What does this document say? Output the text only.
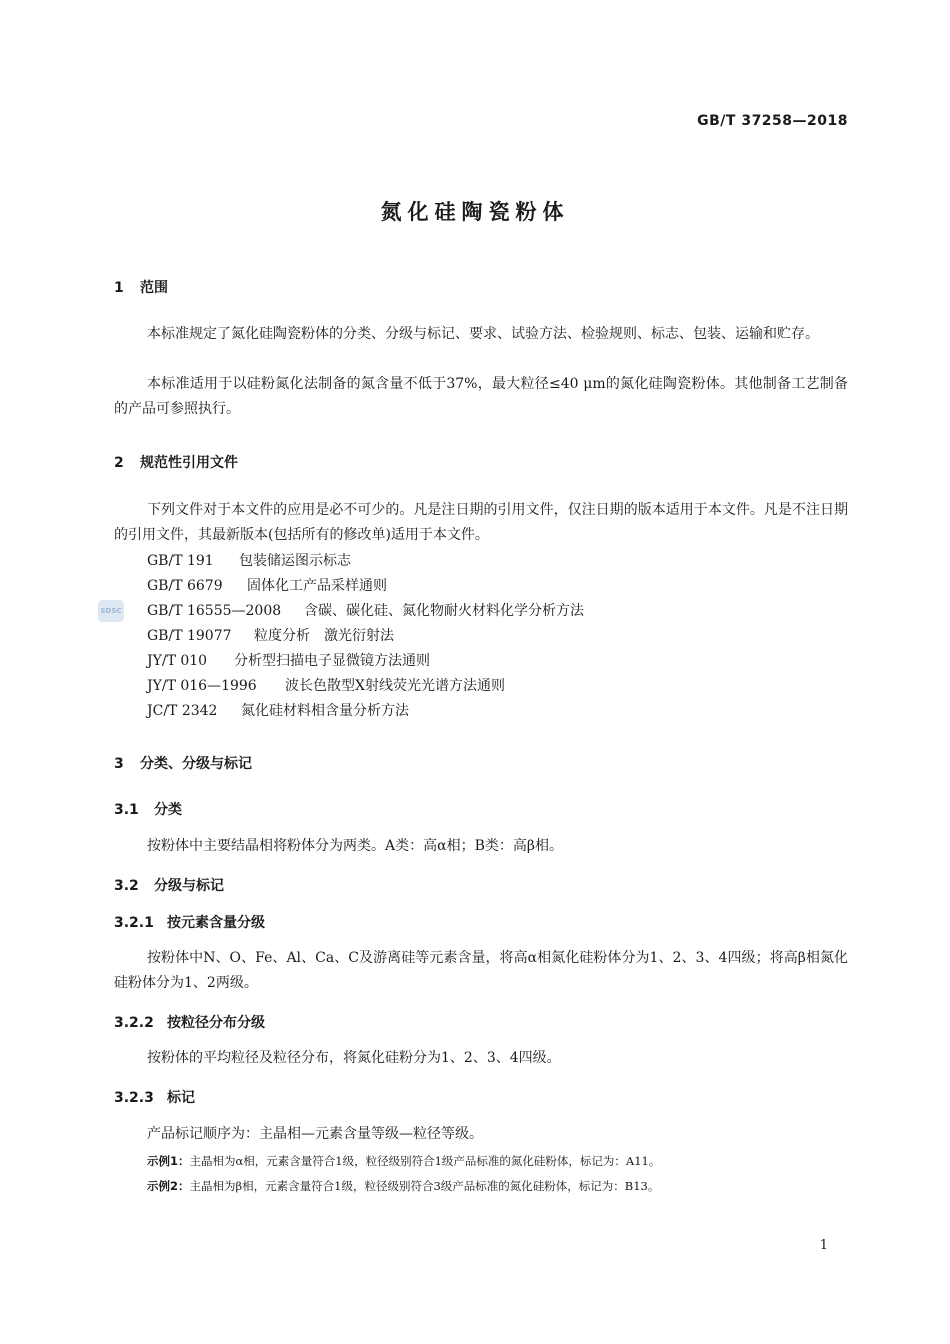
GB/T 37258—2018
氮化硅陶瓷粉体
1 范围

本标准规定了氮化硅陶瓷粉体的分类、分级与标记、要求、试验方法、检验规则、标志、包装、运输和贮存。

本标准适用于以硅粉氮化法制备的氮含量不低于37%，最大粒径≤40 μm的氮化硅陶瓷粉体。其他制备工艺制备的产品可参照执行。

2 规范性引用文件

下列文件对于本文件的应用是必不可少的。凡是注日期的引用文件，仅注日期的版本适用于本文件。凡是不注日期的引用文件，其最新版本(包括所有的修改单)适用于本文件。

GB/T 191 包装储运图示标志
GB/T 6679 固体化工产品采样通则
GB/T 16555—2008 含碳、碳化硅、氮化物耐火材料化学分析方法
GB/T 19077 粒度分析　激光衍射法
JY/T 010 分析型扫描电子显微镜方法通则
JY/T 016—1996 波长色散型X射线荧光光谱方法通则
JC/T 2342 氮化硅材料相含量分析方法
3 分类、分级与标记
3.1 分类

按粉体中主要结晶相将粉体分为两类。A类：高α相；B类：高β相。

3.2 分级与标记
3.2.1 按元素含量分级

按粉体中N、O、Fe、Al、Ca、C及游离硅等元素含量，将高α相氮化硅粉体分为1、2、3、4四级；将高β相氮化硅粉体分为1、2两级。

3.2.2 按粒径分布分级

按粉体的平均粒径及粒径分布，将氮化硅粉分为1、2、3、4四级。

3.2.3 标记

产品标记顺序为：主晶相—元素含量等级—粒径等级。

示例1：主晶相为α相，元素含量符合1级，粒径级别符合1级产品标准的氮化硅粉体，标记为：A11。
示例2：主晶相为β相，元素含量符合1级，粒径级别符合3级产品标准的氮化硅粉体，标记为：B13。
SDSC
1
